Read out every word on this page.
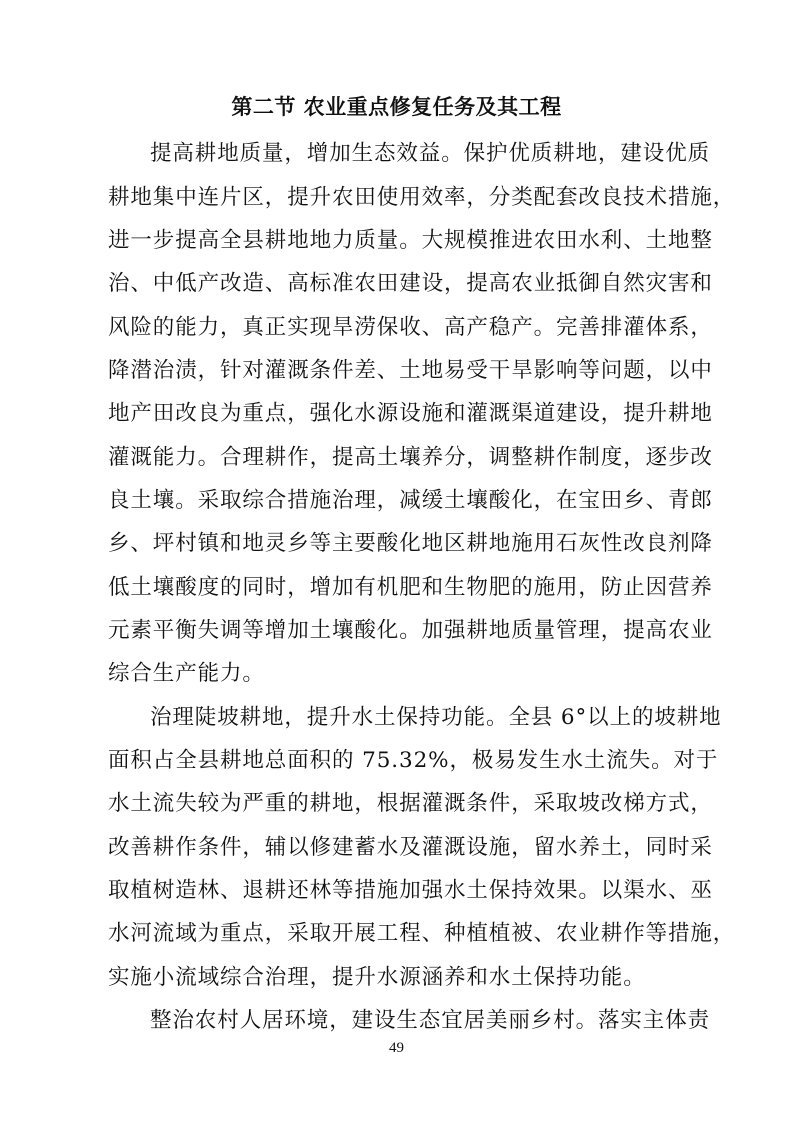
第二节 农业重点修复任务及其工程
提高耕地质量，增加生态效益。保护优质耕地，建设优质
耕地集中连片区，提升农田使用效率，分类配套改良技术措施，
进一步提高全县耕地地力质量。大规模推进农田水利、土地整
治、中低产改造、高标准农田建设，提高农业抵御自然灾害和
风险的能力，真正实现旱涝保收、高产稳产。完善排灌体系，
降潜治渍，针对灌溉条件差、土地易受干旱影响等问题，以中
地产田改良为重点，强化水源设施和灌溉渠道建设，提升耕地
灌溉能力。合理耕作，提高土壤养分，调整耕作制度，逐步改
良土壤。采取综合措施治理，减缓土壤酸化，在宝田乡、青郎
乡、坪村镇和地灵乡等主要酸化地区耕地施用石灰性改良剂降
低土壤酸度的同时，增加有机肥和生物肥的施用，防止因营养
元素平衡失调等增加土壤酸化。加强耕地质量管理，提高农业
综合生产能力。
治理陡坡耕地，提升水土保持功能。全县 6°以上的坡耕地
面积占全县耕地总面积的 75.32%，极易发生水土流失。对于
水土流失较为严重的耕地，根据灌溉条件，采取坡改梯方式，
改善耕作条件，辅以修建蓄水及灌溉设施，留水养土，同时采
取植树造林、退耕还林等措施加强水土保持效果。以渠水、巫
水河流域为重点，采取开展工程、种植植被、农业耕作等措施，
实施小流域综合治理，提升水源涵养和水土保持功能。
整治农村人居环境，建设生态宜居美丽乡村。落实主体责
49
